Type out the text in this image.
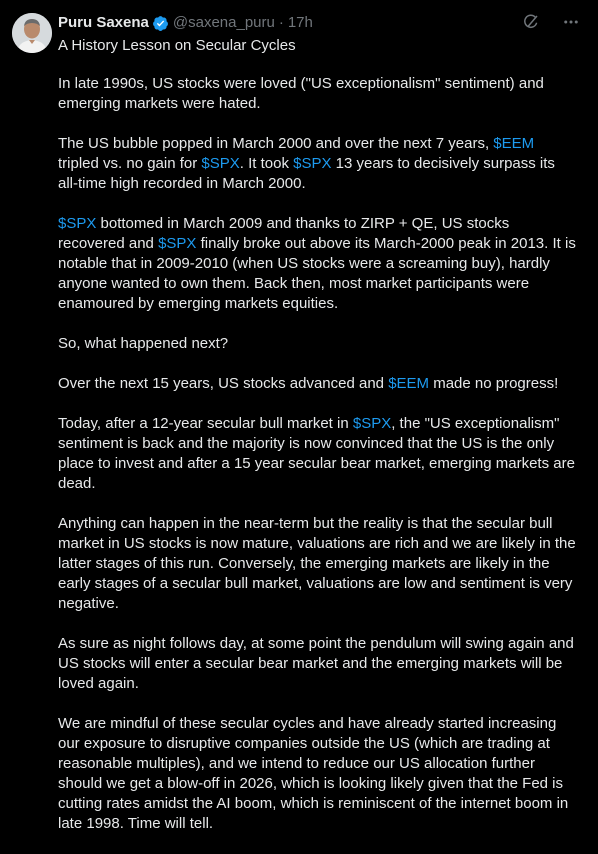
Puru Saxena @saxena_puru · 17h
A History Lesson on Secular Cycles

In late 1990s, US stocks were loved ("US exceptionalism" sentiment) and emerging markets were hated.

The US bubble popped in March 2000 and over the next 7 years, $EEM tripled vs. no gain for $SPX. It took $SPX 13 years to decisively surpass its all-time high recorded in March 2000.

$SPX bottomed in March 2009 and thanks to ZIRP + QE, US stocks recovered and $SPX finally broke out above its March-2000 peak in 2013. It is notable that in 2009-2010 (when US stocks were a screaming buy), hardly anyone wanted to own them. Back then, most market participants were enamoured by emerging markets equities.

So, what happened next?

Over the next 15 years, US stocks advanced and $EEM made no progress!

Today, after a 12-year secular bull market in $SPX, the "US exceptionalism" sentiment is back and the majority is now convinced that the US is the only place to invest and after a 15 year secular bear market, emerging markets are dead.

Anything can happen in the near-term but the reality is that the secular bull market in US stocks is now mature, valuations are rich and we are likely in the latter stages of this run. Conversely, the emerging markets are likely in the early stages of a secular bull market, valuations are low and sentiment is very negative.

As sure as night follows day, at some point the pendulum will swing again and US stocks will enter a secular bear market and the emerging markets will be loved again.

We are mindful of these secular cycles and have already started increasing our exposure to disruptive companies outside the US (which are trading at reasonable multiples), and we intend to reduce our US allocation further should we get a blow-off in 2026, which is looking likely given that the Fed is cutting rates amidst the AI boom, which is reminiscent of the internet boom in late 1998. Time will tell.
